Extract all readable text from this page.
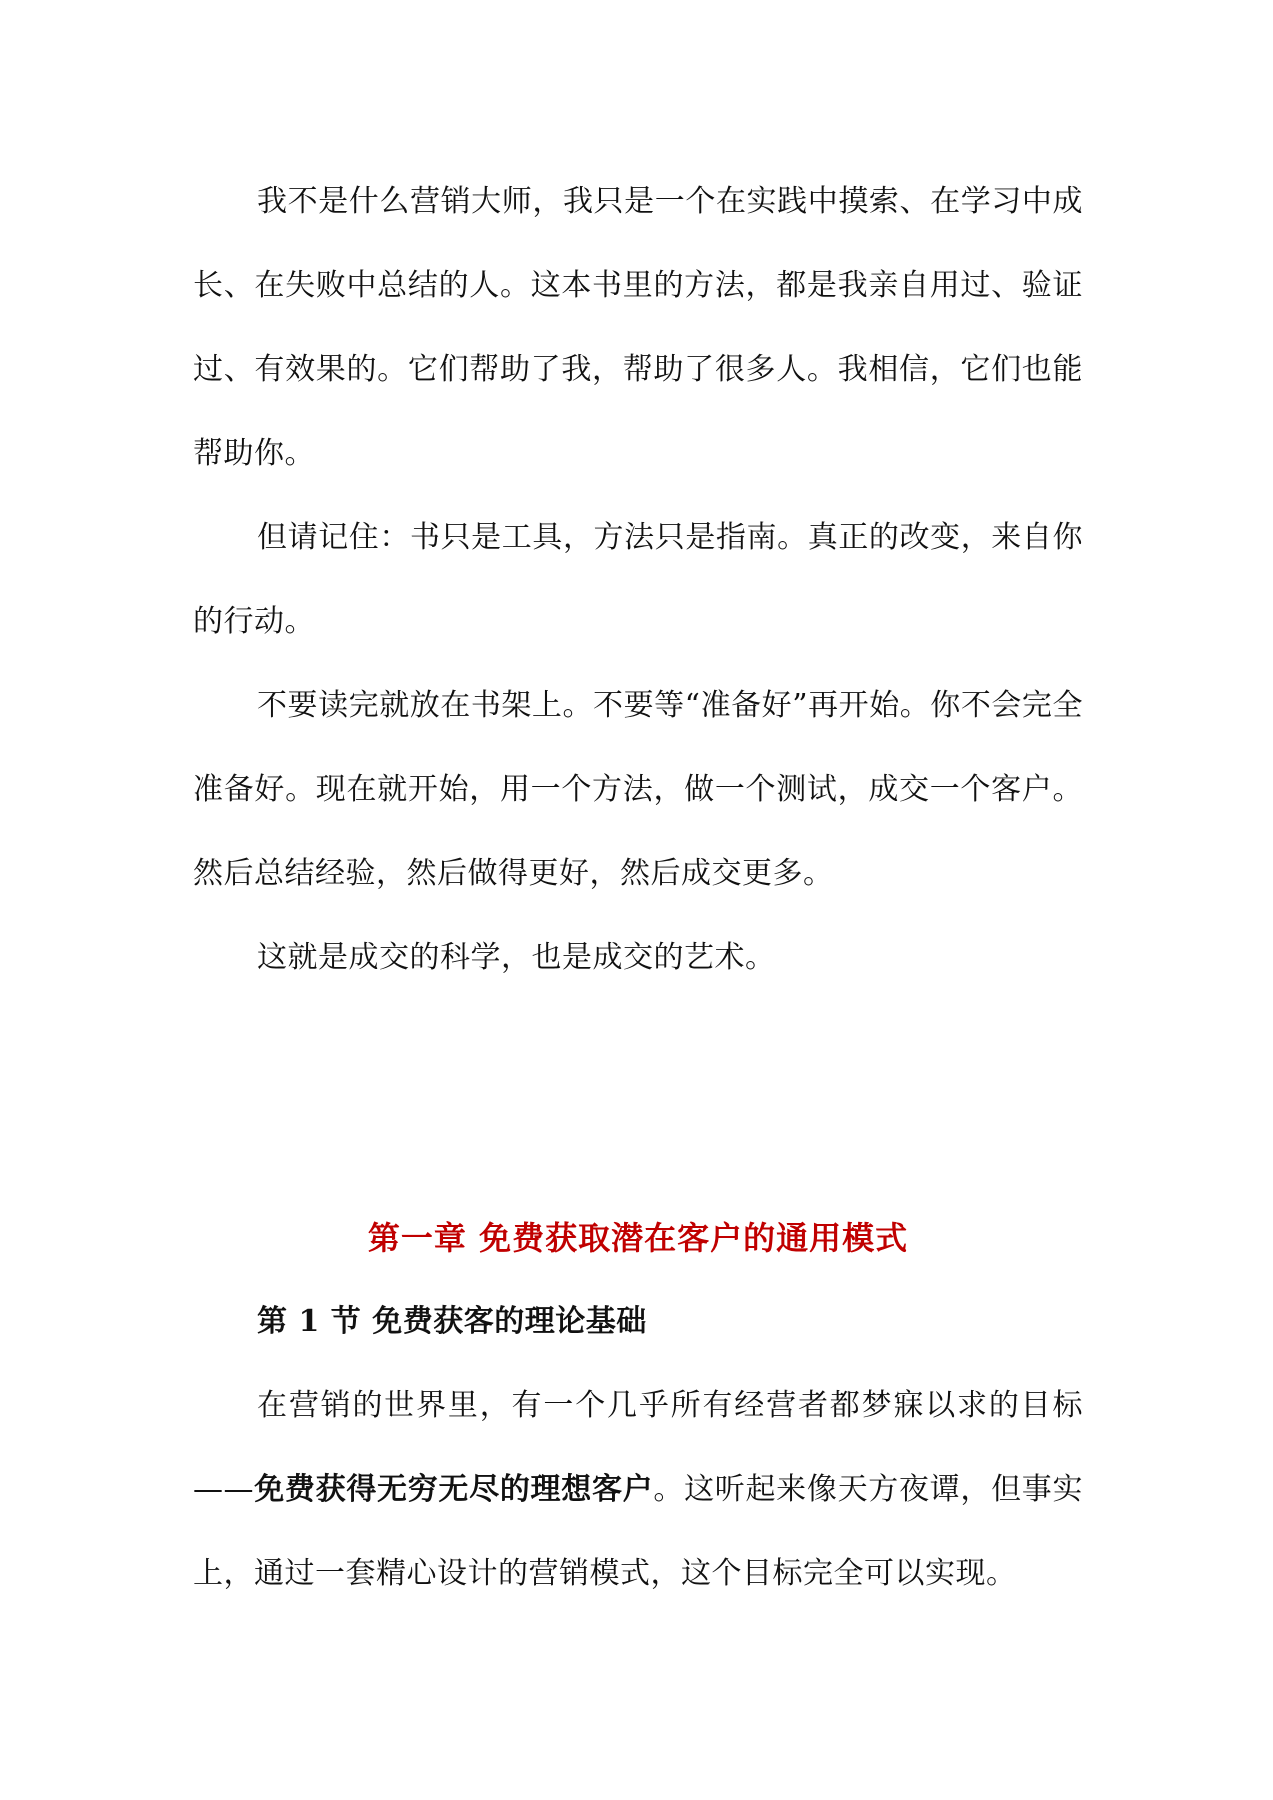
我不是什么营销大师，我只是一个在实践中摸索、在学习中成长、在失败中总结的人。这本书里的方法，都是我亲自用过、验证过、有效果的。它们帮助了我，帮助了很多人。我相信，它们也能帮助你。

但请记住：书只是工具，方法只是指南。真正的改变，来自你的行动。

不要读完就放在书架上。不要等“准备好”再开始。你不会完全准备好。现在就开始，用一个方法，做一个测试，成交一个客户。然后总结经验，然后做得更好，然后成交更多。

这就是成交的科学，也是成交的艺术。

第一章 免费获取潜在客户的通用模式
第 1 节 免费获客的理论基础

在营销的世界里，有一个几乎所有经营者都梦寐以求的目标——免费获得无穷无尽的理想客户。这听起来像天方夜谭，但事实上，通过一套精心设计的营销模式，这个目标完全可以实现。
